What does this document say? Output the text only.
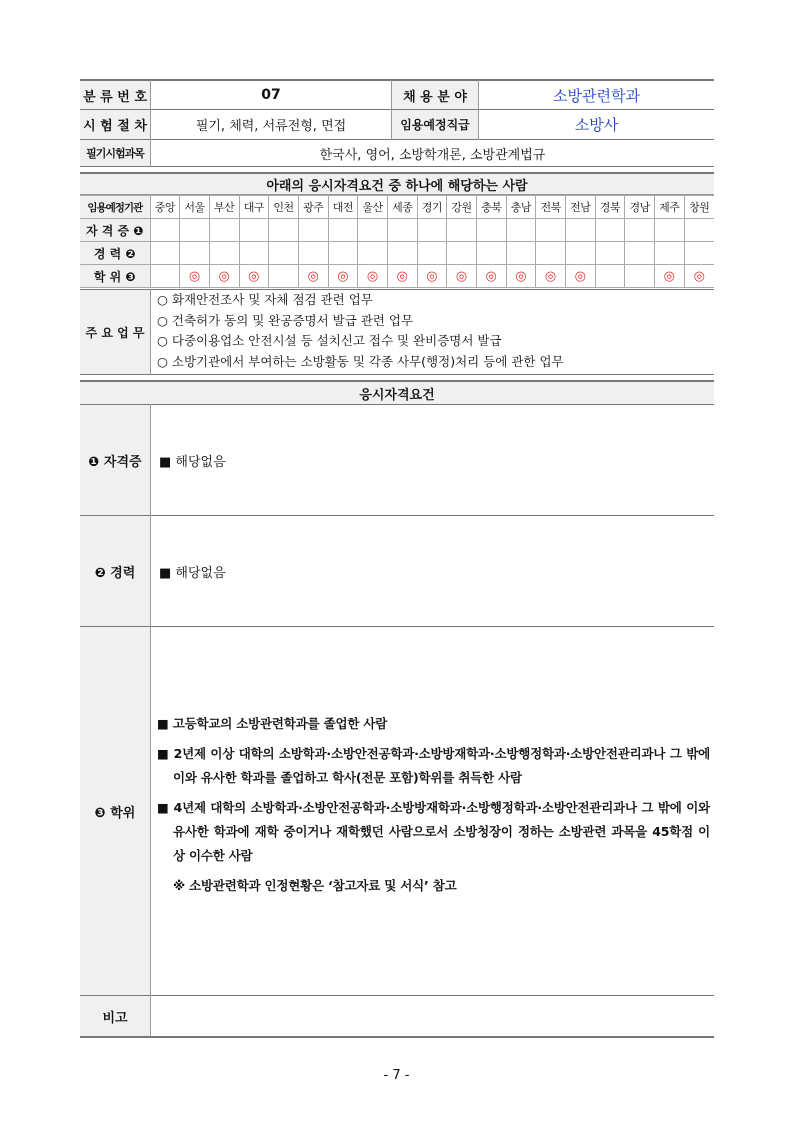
분 류 번 호	07	채 용 분 야	소방관련학과
시 험 절 차	필기, 체력, 서류전형, 면접	임용예정직급	소방사
필기시험과목	한국사, 영어, 소방학개론, 소방관계법규
아래의 응시자격요건 중 하나에 해당하는 사람
임용예정기관	중앙	서울	부산	대구	인천	광주	대전	울산	세종	경기	강원	충북	충남	전북	전남	경북	경남	제주	창원
자 격 증 ❶																			
경 력 ❷																			
학 위 ❸		◎	◎	◎		◎	◎	◎	◎	◎	◎	◎	◎	◎	◎			◎	◎
주 요 업 무
○ 화재안전조사 및 자체 점검 관련 업무
○ 건축허가 동의 및 완공증명서 발급 관련 업무
○ 다중이용업소 안전시설 등 설치신고 접수 및 완비증명서 발급
○ 소방기관에서 부여하는 소방활동 및 각종 사무(행정)처리 등에 관한 업무
응시자격요건
❶ 자격증	■ 해당없음
❷ 경력	■ 해당없음
❸ 학위
■ 고등학교의 소방관련학과를 졸업한 사람
■ 2년제 이상 대학의 소방학과·소방안전공학과·소방방재학과·소방행정학과·소방안전관리과나 그 밖에 이와 유사한 학과를 졸업하고 학사(전문 포함)학위를 취득한 사람
■ 4년제 대학의 소방학과·소방안전공학과·소방방재학과·소방행정학과·소방안전관리과나 그 밖에 이와 유사한 학과에 재학 중이거나 재학했던 사람으로서 소방청장이 정하는 소방관련 과목을 45학점 이상 이수한 사람
※ 소방관련학과 인정현황은 ‘참고자료 및 서식’ 참고
비고
- 7 -
